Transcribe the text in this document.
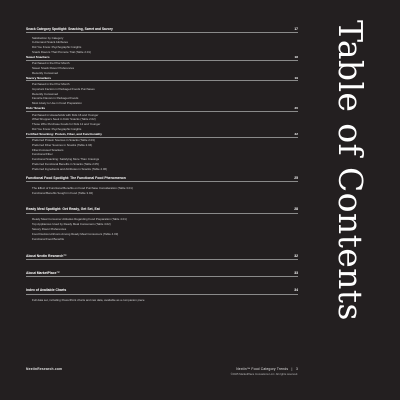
Snack Category Spotlight: Snacking, Sweet and Savory	17
Satisfaction by Category
In-Demand Snack Attributes
Did You Know: Psychographic Insights
Snack Flavors That Promote Trial (Table 2.01)
Sweet Snackers	18
Purchased in the Prior Month
Sweet Snack Flavor Preferences
Recently Consumed
Savory Snackers	19
Purchased in the Prior Month
Important Factors in Packaged Foods Purchases
Recently Consumed
Favorite Flavors in Packaged Foods
Most Likely to Use in Food Preparation
Kids' Snacks	20
Purchased in Households with Kids 16 and Younger
What Shoppers Seek in Kids' Snacks (Table 2.02)
Those Who Purchase Foods for Kids 12 and Younger
Did You Know: Psychographic Insights
Fortified Snacking: Protein, Fiber, and Functionality	22
Preferred Protein Sources in Snacks (Table 2.03)
Preferred Fiber Sources in Snacks (Table 2.04)
Fiber-Focused Snackers
Functional Fiber
Functional Snacking: Satisfying More Than Cravings
Preferred Functional Benefits in Snacks (Table 2.05)
Preferred Ingredients and Attributes in Snacks (Table 2.06)
Functional Food Spotlight: The Functional Food Phenomenon	25
The Effect of Functional Benefits on Food Purchase Consideration (Table 3.01)
Functional Benefits Sought in Food (Table 3.02)
Ready Meal Spotlight: Get Ready, Get Set, Eat	28
Ready Meal Consumer Attitudes Regarding Food Preparation (Table 4.01)
Top Appliances Used by Ready Meal Consumers (Table 4.02)
Savory Flavor Preferences
Food Decision-Drivers Among Ready Meal Consumers (Table 4.03)
Functional Food Benefits
About Nextin Research™	32
About MarketPlace™	33
Index of Available Charts	34
Full data set, including PowerPoint charts and raw data, available as a companion piece	Table of Contents
NextinResearch.com	Nextin™ Food Category Trends | 3
©2025 MarketPlace Innovations LLC. All rights reserved.
